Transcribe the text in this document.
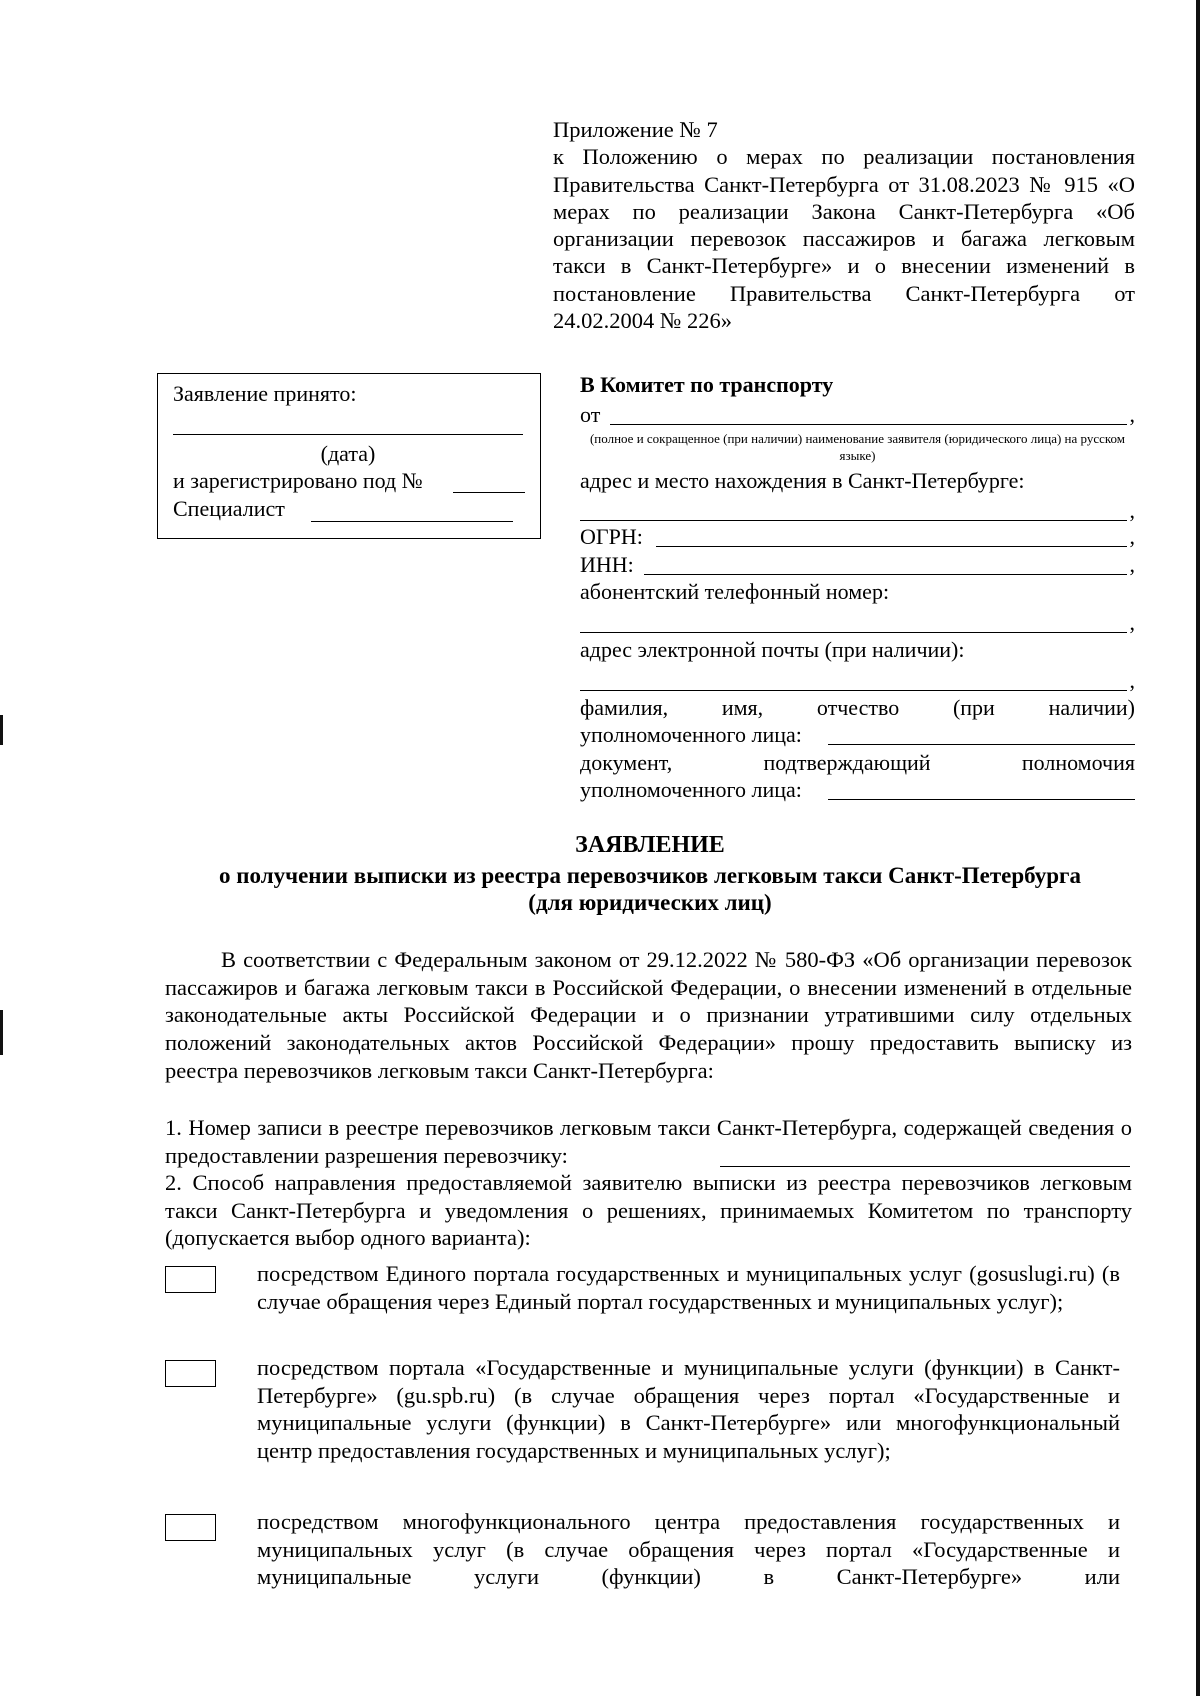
Приложение № 7
к Положению о мерах по реализации постановления Правительства Санкт-Петербурга от 31.08.2023 № 915 «О мерах по реализации Закона Санкт-Петербурга «Об организации перевозок пассажиров и багажа легковым такси в Санкт-Петербурге» и о внесении изменений в постановление Правительства Санкт-Петербурга от 24.02.2004 № 226»
Заявление принято:
(дата)
и зарегистрировано под №
Специалист
В Комитет по транспорту
от	,
(полное и сокращенное (при наличии) наименование заявителя (юридического лица) на русском языке)
адрес и место нахождения в Санкт-Петербурге:
,
ОГРН:	,
ИНН:	,
абонентский телефонный номер:
,
адрес электронной почты (при наличии):
,
фамилия, имя, отчество (при наличии)
уполномоченного лица:
документ,	подтверждающий	полномочия
уполномоченного лица:
ЗАЯВЛЕНИЕ
о получении выписки из реестра перевозчиков легковым такси Санкт-Петербурга
(для юридических лиц)
В соответствии с Федеральным законом от 29.12.2022 № 580-ФЗ «Об организации перевозок пассажиров и багажа легковым такси в Российской Федерации, о внесении изменений в отдельные законодательные акты Российской Федерации и о признании утратившими силу отдельных положений законодательных актов Российской Федерации» прошу предоставить выписку из реестра перевозчиков легковым такси Санкт-Петербурга:
1. Номер записи в реестре перевозчиков легковым такси Санкт-Петербурга, содержащей сведения о предоставлении разрешения перевозчику:
2. Способ направления предоставляемой заявителю выписки из реестра перевозчиков легковым такси Санкт-Петербурга и уведомления о решениях, принимаемых Комитетом по транспорту (допускается выбор одного варианта):
посредством Единого портала государственных и муниципальных услуг (gosuslugi.ru) (в случае обращения через Единый портал государственных и муниципальных услуг);
посредством портала «Государственные и муниципальные услуги (функции) в Санкт-Петербурге» (gu.spb.ru) (в случае обращения через портал «Государственные и муниципальные услуги (функции) в Санкт-Петербурге» или многофункциональный центр предоставления государственных и муниципальных услуг);
посредством многофункционального центра предоставления государственных и муниципальных услуг (в случае обращения через портал «Государственные и муниципальные услуги (функции) в Санкт-Петербурге» или
